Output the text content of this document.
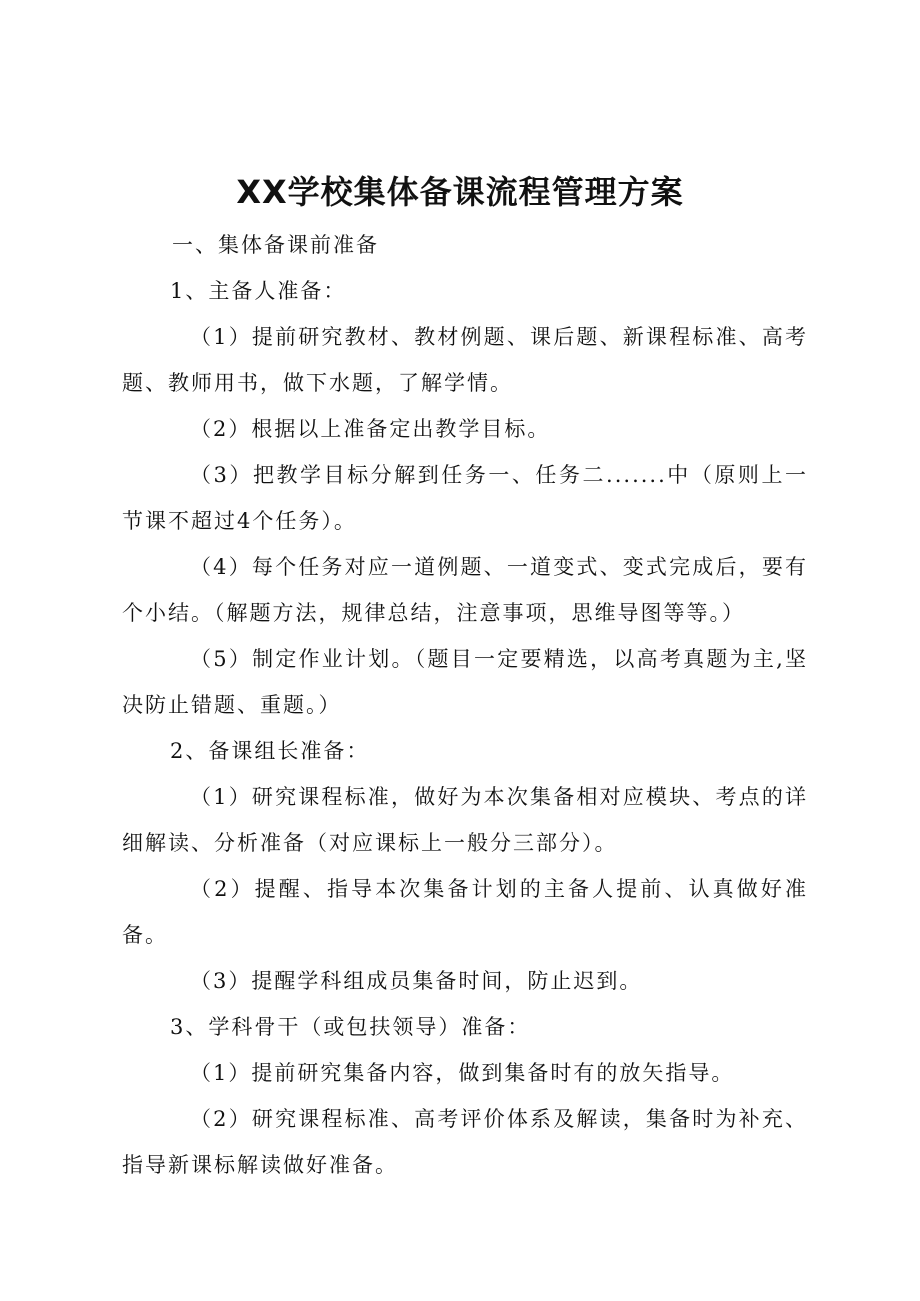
XX学校集体备课流程管理方案

一、集体备课前准备

1、主备人准备：

（1）提前研究教材、教材例题、课后题、新课程标准、高考题、教师用书，做下水题，了解学情。

（2）根据以上准备定出教学目标。

（3）把教学目标分解到任务一、任务二.......中（原则上一节课不超过4个任务）。

（4）每个任务对应一道例题、一道变式、变式完成后，要有个小结。（解题方法，规律总结，注意事项，思维导图等等。）

（5）制定作业计划。（题目一定要精选，以高考真题为主,坚决防止错题、重题。）

2、备课组长准备：

（1）研究课程标准，做好为本次集备相对应模块、考点的详细解读、分析准备（对应课标上一般分三部分）。

（2）提醒、指导本次集备计划的主备人提前、认真做好准备。

（3）提醒学科组成员集备时间，防止迟到。

3、学科骨干（或包扶领导）准备：

（1）提前研究集备内容，做到集备时有的放矢指导。

（2）研究课程标准、高考评价体系及解读，集备时为补充、指导新课标解读做好准备。
